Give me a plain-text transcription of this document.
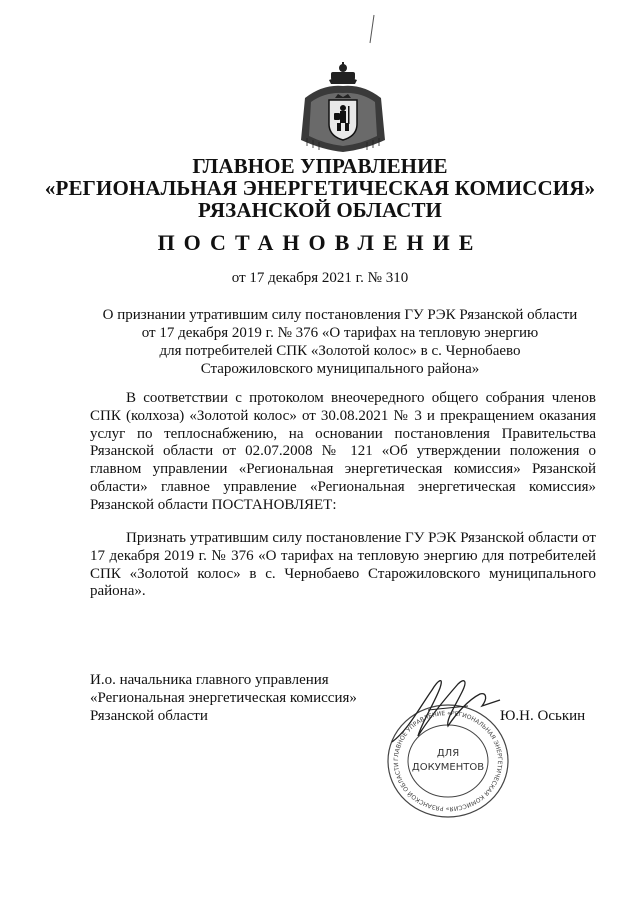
ГЛАВНОЕ УПРАВЛЕНИЕ
«РЕГИОНАЛЬНАЯ ЭНЕРГЕТИЧЕСКАЯ КОМИССИЯ»
РЯЗАНСКОЙ ОБЛАСТИ
ПОСТАНОВЛЕНИЕ
от 17 декабря 2021 г. № 310
О признании утратившим силу постановления ГУ РЭК Рязанской области
от 17 декабря 2019 г. № 376 «О тарифах на тепловую энергию
для потребителей СПК «Золотой колос» в с. Чернобаево
Старожиловского муниципального района»
В соответствии с протоколом внеочередного общего собрания членов СПК (колхоза) «Золотой колос» от 30.08.2021 № 3 и прекращением оказания услуг по теплоснабжению, на основании постановления Правительства Рязанской области от 02.07.2008 № 121 «Об утверждении положения о главном управлении «Региональная энергетическая комиссия» Рязанской области» главное управление «Региональная энергетическая комиссия» Рязанской области ПОСТАНОВЛЯЕТ:
Признать утратившим силу постановление ГУ РЭК Рязанской области от 17 декабря 2019 г. № 376 «О тарифах на тепловую энергию для потребителей СПК «Золотой колос» в с. Чернобаево Старожиловского муниципального района».
И.о. начальника главного управления
«Региональная энергетическая комиссия»
Рязанской области	Ю.Н. Оськин
ГЛАВНОЕ УПРАВЛЕНИЕ «РЕГИОНАЛЬНАЯ ЭНЕРГЕТИЧЕСКАЯ КОМИССИЯ» РЯЗАНСКОЙ ОБЛАСТИ
ДЛЯ
ДОКУМЕНТОВ
